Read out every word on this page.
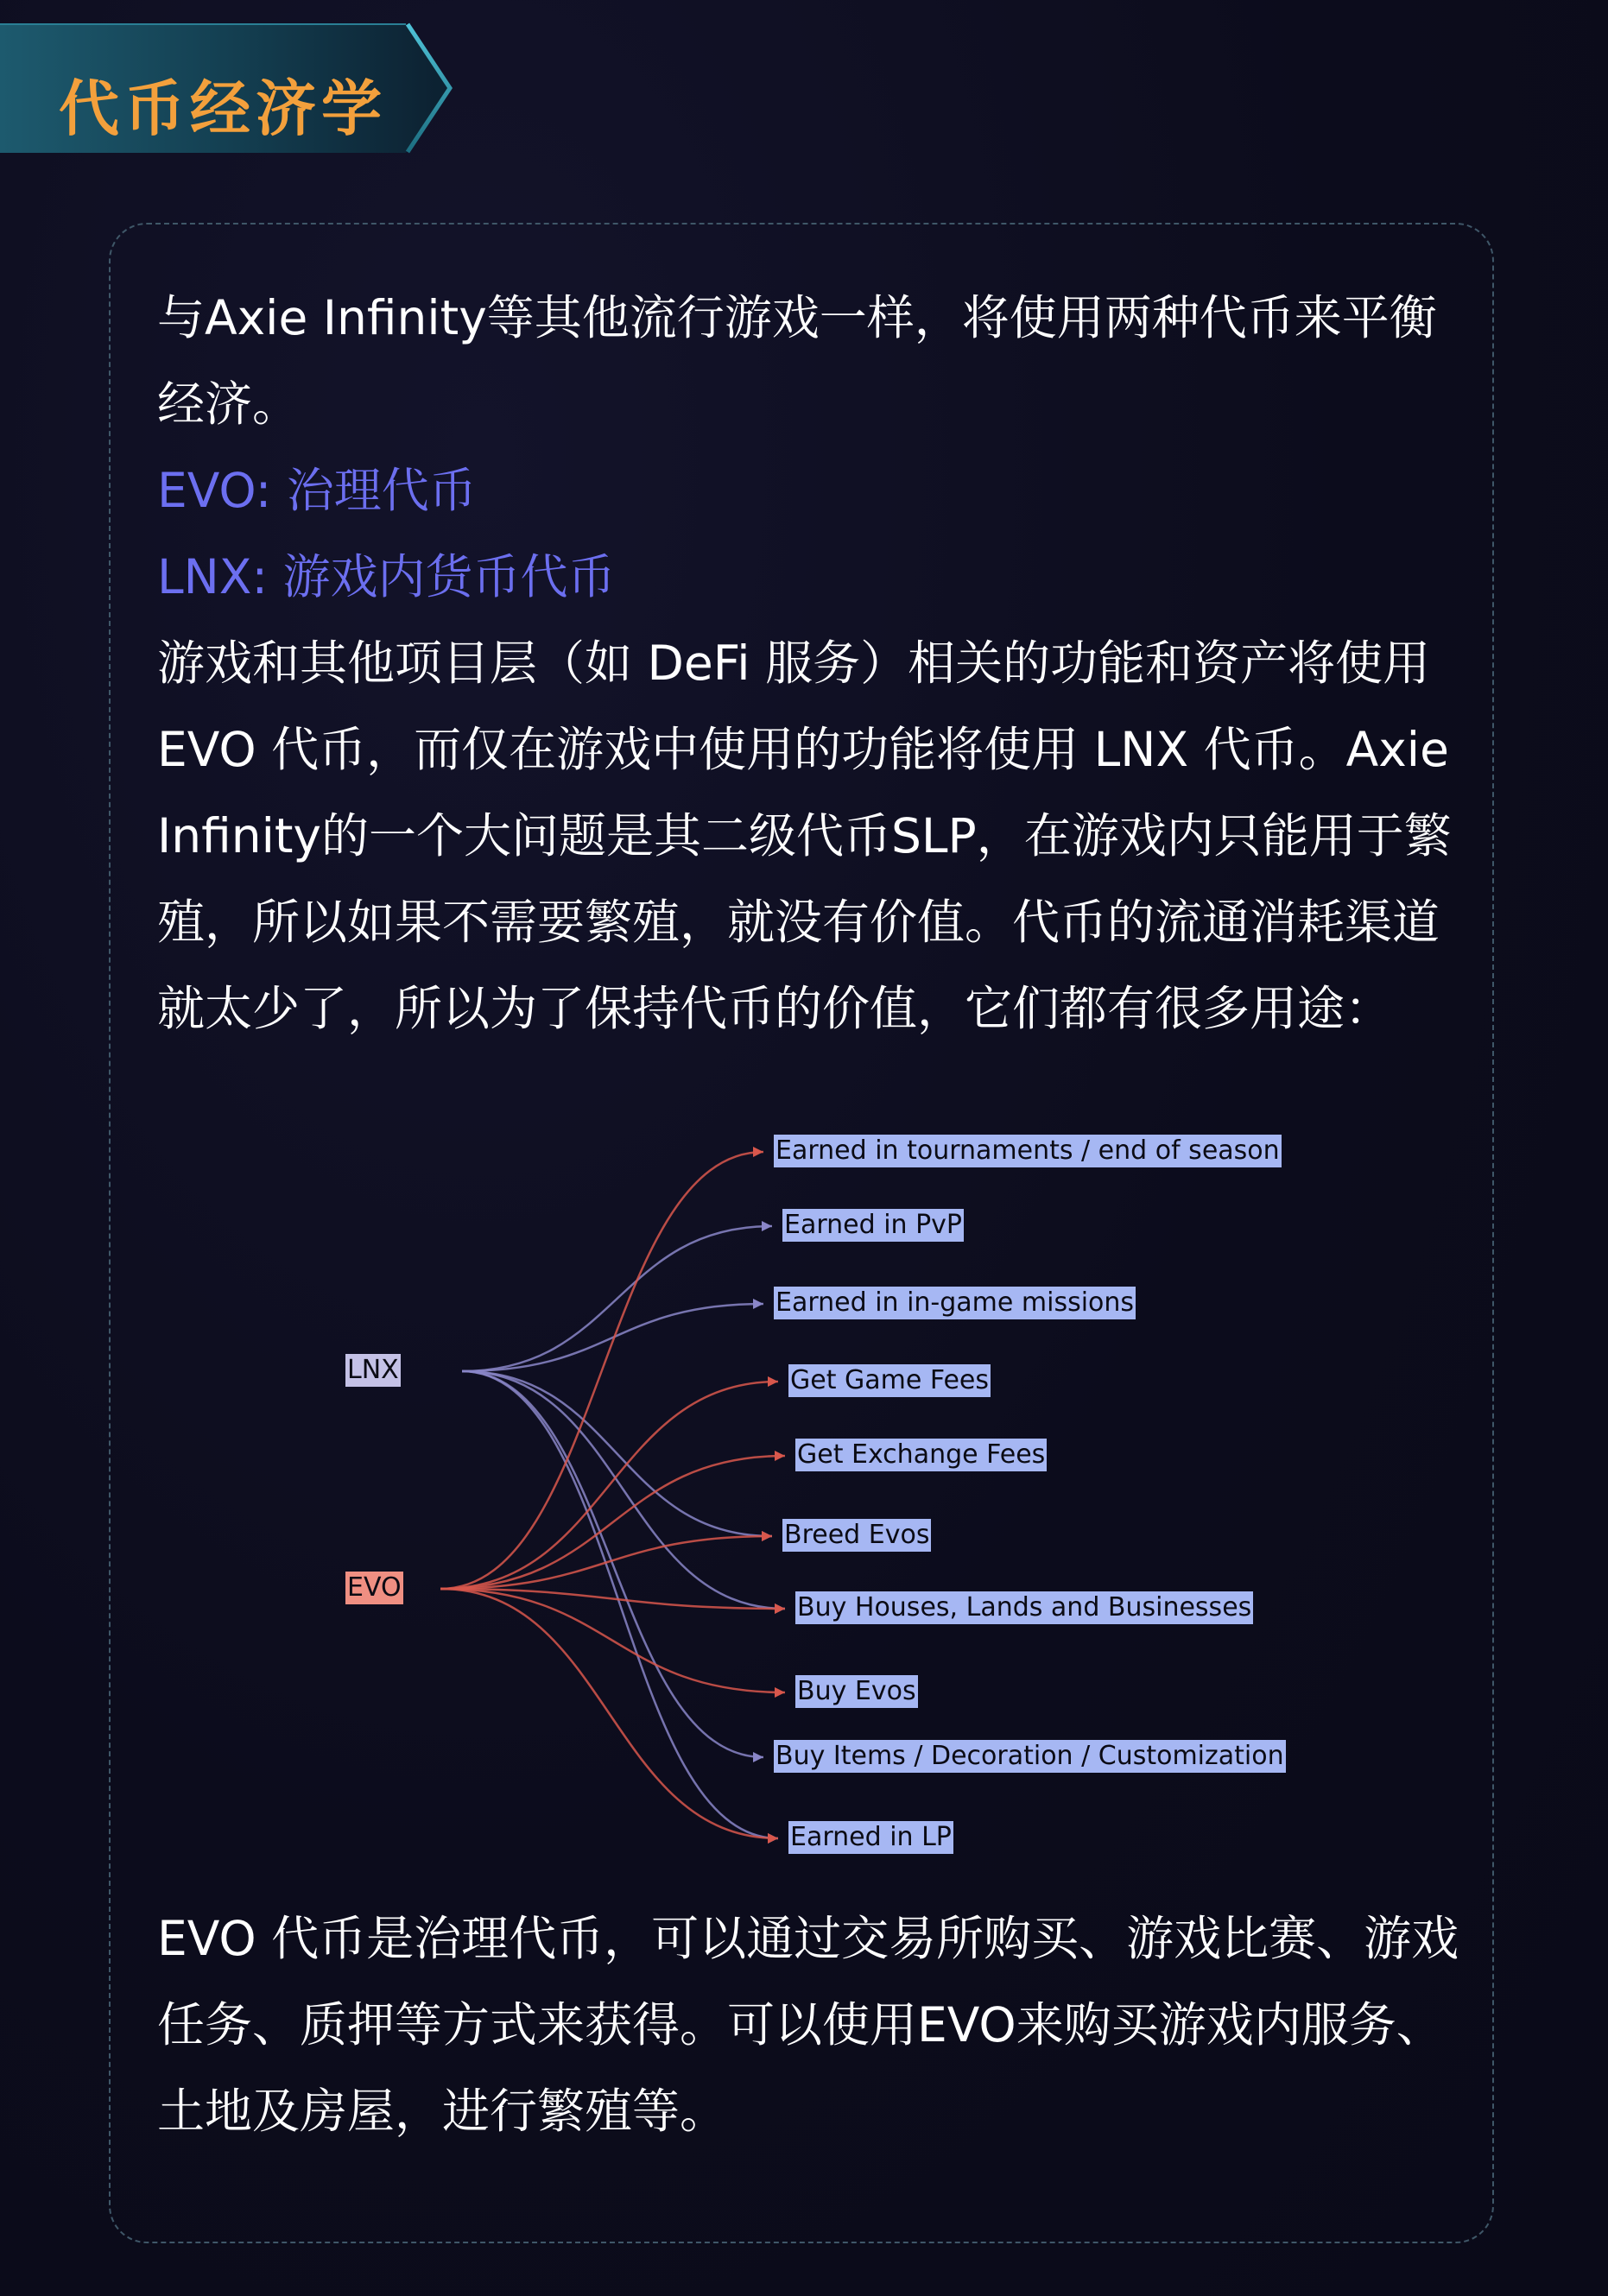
代币经济学
与Axie Infinity等其他流行游戏一样，将使用两种代币来平衡经济。
EVO: 治理代币
LNX: 游戏内货币代币
游戏和其他项目层（如 DeFi 服务）相关的功能和资产将使用 EVO 代币，而仅在游戏中使用的功能将使用 LNX 代币。Axie Infinity的一个大问题是其二级代币SLP，在游戏内只能用于繁殖，所以如果不需要繁殖，就没有价值。代币的流通消耗渠道就太少了，所以为了保持代币的价值，它们都有很多用途：
LNX
EVO
Earned in tournaments / end of season
Earned in PvP
Earned in in-game missions
Get Game Fees
Get Exchange Fees
Breed Evos
Buy Houses, Lands and Businesses
Buy Evos
Buy Items / Decoration / Customization
Earned in LP
EVO 代币是治理代币，可以通过交易所购买、游戏比赛、游戏任务、质押等方式来获得。可以使用EVO来购买游戏内服务、土地及房屋，进行繁殖等。
